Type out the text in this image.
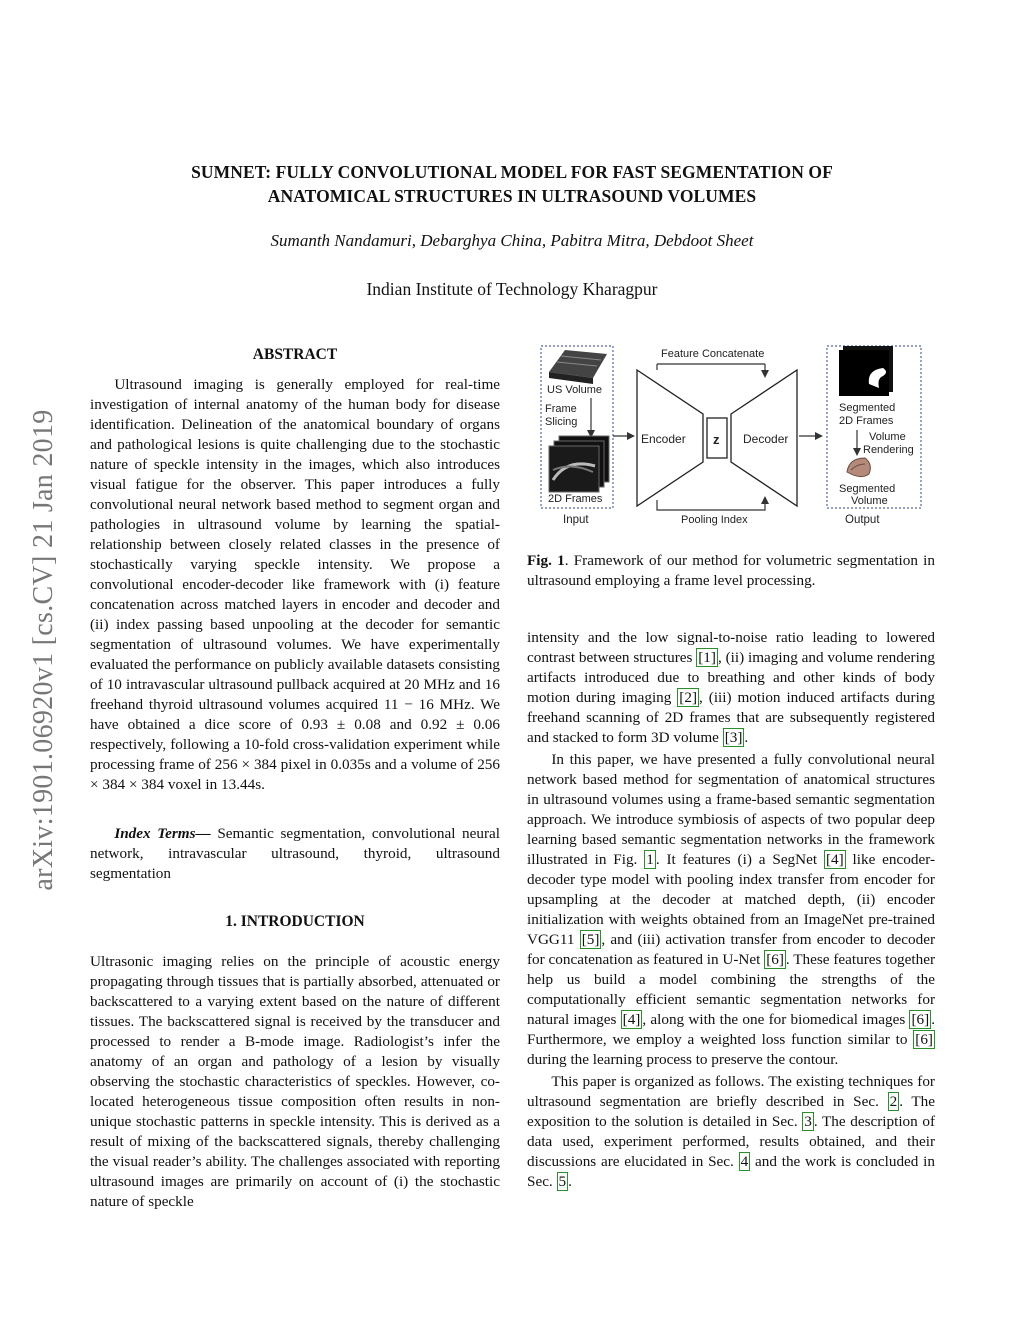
arXiv:1901.06920v1 [cs.CV] 21 Jan 2019
SUMNET: FULLY CONVOLUTIONAL MODEL FOR FAST SEGMENTATION OF
ANATOMICAL STRUCTURES IN ULTRASOUND VOLUMES
Sumanth Nandamuri, Debarghya China, Pabitra Mitra, Debdoot Sheet
Indian Institute of Technology Kharagpur
ABSTRACT

Ultrasound imaging is generally employed for real-time investigation of internal anatomy of the human body for disease identification. Delineation of the anatomical boundary of organs and pathological lesions is quite challenging due to the stochastic nature of speckle intensity in the images, which also introduces visual fatigue for the observer. This paper introduces a fully convolutional neural network based method to segment organ and pathologies in ultrasound volume by learning the spatial-relationship between closely related classes in the presence of stochastically varying speckle intensity. We propose a convolutional encoder-decoder like framework with (i) feature concatenation across matched layers in encoder and decoder and (ii) index passing based unpooling at the decoder for semantic segmentation of ultrasound volumes. We have experimentally evaluated the performance on publicly available datasets consisting of 10 intravascular ultrasound pullback acquired at 20 MHz and 16 freehand thyroid ultrasound volumes acquired 11 − 16 MHz. We have obtained a dice score of 0.93 ± 0.08 and 0.92 ± 0.06 respectively, following a 10-fold cross-validation experiment while processing frame of 256 × 384 pixel in 0.035s and a volume of 256 × 384 × 384 voxel in 13.44s.

Index Terms— Semantic segmentation, convolutional neural network, intravascular ultrasound, thyroid, ultrasound segmentation

1. INTRODUCTION

Ultrasonic imaging relies on the principle of acoustic energy propagating through tissues that is partially absorbed, attenuated or backscattered to a varying extent based on the nature of different tissues. The backscattered signal is received by the transducer and processed to render a B-mode image. Radiologist’s infer the anatomy of an organ and pathology of a lesion by visually observing the stochastic characteristics of speckles. However, co-located heterogeneous tissue composition often results in non-unique stochastic patterns in speckle intensity. This is derived as a result of mixing of the backscattered signals, thereby challenging the visual reader’s ability. The challenges associated with reporting ultrasound images are primarily on account of (i) the stochastic nature of speckle

US Volume
Frame
Slicing
2D Frames
Input
Feature Concatenate
Encoder z Decoder
Pooling Index
Segmented
2D Frames
Volume
Rendering
Segmented
Volume
Output
Fig. 1. Framework of our method for volumetric segmentation in ultrasound employing a frame level processing.

intensity and the low signal-to-noise ratio leading to lowered contrast between structures [1] , (ii) imaging and volume rendering artifacts introduced due to breathing and other kinds of body motion during imaging [2] , (iii) motion induced artifacts during freehand scanning of 2D frames that are subsequently registered and stacked to form 3D volume [3] .

In this paper, we have presented a fully convolutional neural network based method for segmentation of anatomical structures in ultrasound volumes using a frame-based semantic segmentation approach. We introduce symbiosis of aspects of two popular deep learning based semantic segmentation networks in the framework illustrated in Fig. 1 . It features (i) a SegNet [4] like encoder-decoder type model with pooling index transfer from encoder for upsampling at the decoder at matched depth, (ii) encoder initialization with weights obtained from an ImageNet pre-trained VGG11 [5] , and (iii) activation transfer from encoder to decoder for concatenation as featured in U-Net [6] . These features together help us build a model combining the strengths of the computationally efficient semantic segmentation networks for natural images [4] , along with the one for biomedical images [6] . Furthermore, we employ a weighted loss function similar to [6] during the learning process to preserve the contour.

This paper is organized as follows. The existing techniques for ultrasound segmentation are briefly described in Sec. 2 . The exposition to the solution is detailed in Sec. 3 . The description of data used, experiment performed, results obtained, and their discussions are elucidated in Sec. 4 and the work is concluded in Sec. 5 .
